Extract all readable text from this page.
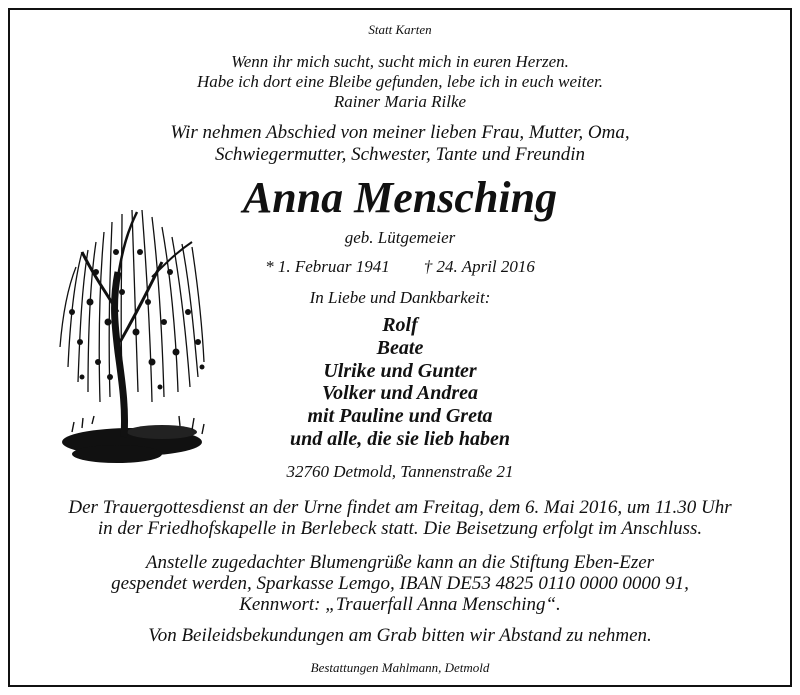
Statt Karten
Wenn ihr mich sucht, sucht mich in euren Herzen.
Habe ich dort eine Bleibe gefunden, lebe ich in euch weiter.
Rainer Maria Rilke
Wir nehmen Abschied von meiner lieben Frau, Mutter, Oma,
Schwiegermutter, Schwester, Tante und Freundin
Anna Mensching
geb. Lütgemeier
* 1. Februar 1941 † 24. April 2016
In Liebe und Dankbarkeit:
Rolf
Beate
Ulrike und Gunter
Volker und Andrea
mit Pauline und Greta
und alle, die sie lieb haben
32760 Detmold, Tannenstraße 21
Der Trauergottesdienst an der Urne findet am Freitag, dem 6. Mai 2016, um 11.30 Uhr
in der Friedhofskapelle in Berlebeck statt. Die Beisetzung erfolgt im Anschluss.
Anstelle zugedachter Blumengrüße kann an die Stiftung Eben-Ezer
gespendet werden, Sparkasse Lemgo, IBAN DE53 4825 0110 0000 0000 91,
Kennwort: „Trauerfall Anna Mensching“.
Von Beileidsbekundungen am Grab bitten wir Abstand zu nehmen.
Bestattungen Mahlmann, Detmold
